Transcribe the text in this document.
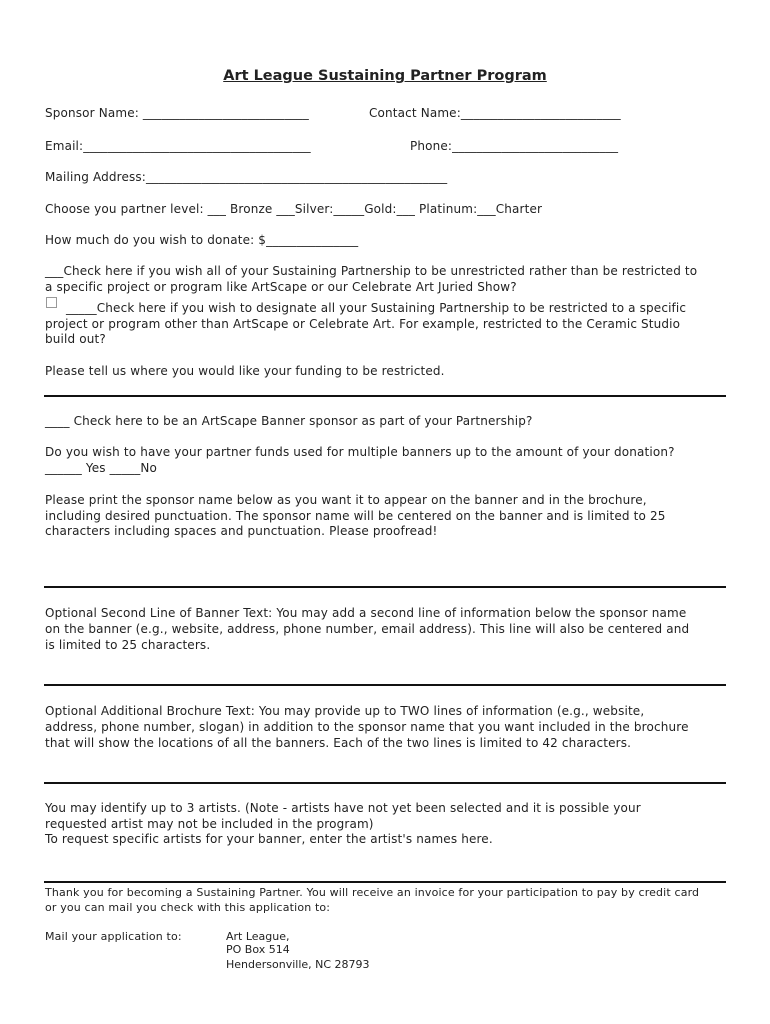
Art League Sustaining Partner Program
Sponsor Name: ___________________________	Contact Name:__________________________
Email:_____________________________________	Phone:___________________________
Mailing Address:_________________________________________________
Choose you partner level: ___ Bronze ___Silver:_____Gold:___ Platinum:___Charter
How much do you wish to donate: $_______________
___Check here if you wish all of your Sustaining Partnership to be unrestricted rather than be restricted to
a specific project or program like ArtScape or our Celebrate Art Juried Show?
_____Check here if you wish to designate all your Sustaining Partnership to be restricted to a specific
project or program other than ArtScape or Celebrate Art. For example, restricted to the Ceramic Studio
build out?
Please tell us where you would like your funding to be restricted.
____ Check here to be an ArtScape Banner sponsor as part of your Partnership?
Do you wish to have your partner funds used for multiple banners up to the amount of your donation?
______ Yes _____No
Please print the sponsor name below as you want it to appear on the banner and in the brochure,
including desired punctuation. The sponsor name will be centered on the banner and is limited to 25
characters including spaces and punctuation. Please proofread!
Optional Second Line of Banner Text: You may add a second line of information below the sponsor name
on the banner (e.g., website, address, phone number, email address). This line will also be centered and
is limited to 25 characters.
Optional Additional Brochure Text: You may provide up to TWO lines of information (e.g., website,
address, phone number, slogan) in addition to the sponsor name that you want included in the brochure
that will show the locations of all the banners. Each of the two lines is limited to 42 characters.
You may identify up to 3 artists. (Note - artists have not yet been selected and it is possible your
requested artist may not be included in the program)
To request specific artists for your banner, enter the artist's names here.
Thank you for becoming a Sustaining Partner. You will receive an invoice for your participation to pay by credit card
or you can mail you check with this application to:
Mail your application to:	Art League,
PO Box 514
Hendersonville, NC 28793
